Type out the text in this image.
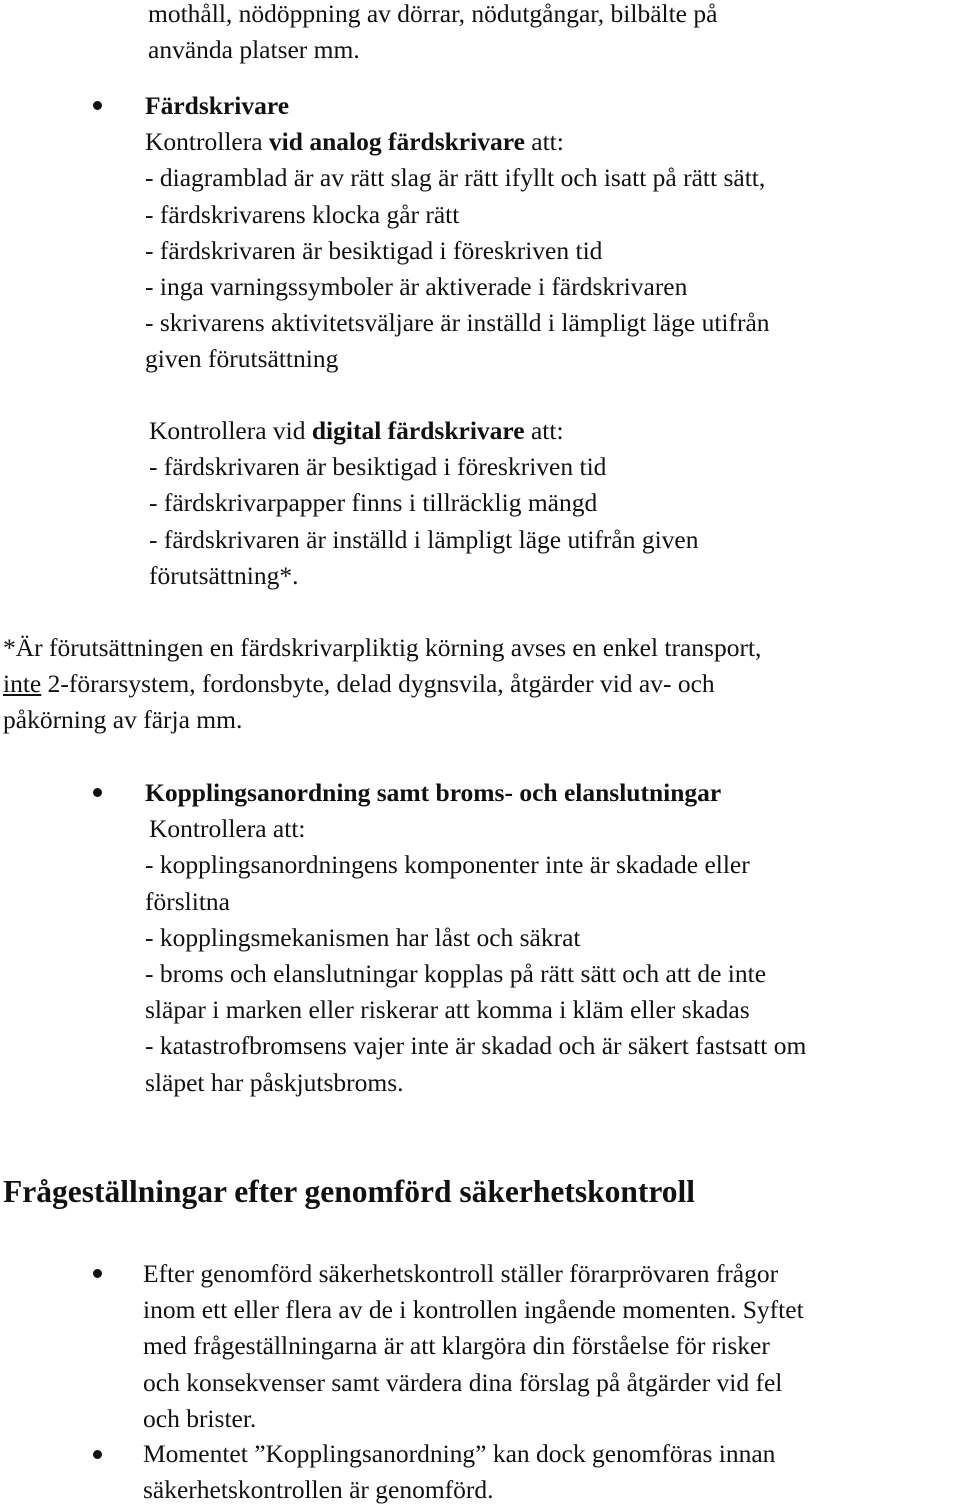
mothåll, nödöppning av dörrar, nödutgångar, bilbälte på
använda platser mm.
Färdskrivare
Kontrollera vid analog färdskrivare att:
- diagramblad är av rätt slag är rätt ifyllt och isatt på rätt sätt,
- färdskrivarens klocka går rätt
- färdskrivaren är besiktigad i föreskriven tid
- inga varningssymboler är aktiverade i färdskrivaren
- skrivarens aktivitetsväljare är inställd i lämpligt läge utifrån
given förutsättning
Kontrollera vid digital färdskrivare att:
- färdskrivaren är besiktigad i föreskriven tid
- färdskrivarpapper finns i tillräcklig mängd
- färdskrivaren är inställd i lämpligt läge utifrån given
förutsättning*.
*Är förutsättningen en färdskrivarpliktig körning avses en enkel transport,
inte 2-förarsystem, fordonsbyte, delad dygnsvila, åtgärder vid av- och
påkörning av färja mm.
Kopplingsanordning samt broms- och elanslutningar
Kontrollera att:
- kopplingsanordningens komponenter inte är skadade eller
förslitna
- kopplingsmekanismen har låst och säkrat
- broms och elanslutningar kopplas på rätt sätt och att de inte
släpar i marken eller riskerar att komma i kläm eller skadas
- katastrofbromsens vajer inte är skadad och är säkert fastsatt om
släpet har påskjutsbroms.
Frågeställningar efter genomförd säkerhetskontroll
Efter genomförd säkerhetskontroll ställer förarprövaren frågor
inom ett eller flera av de i kontrollen ingående momenten. Syftet
med frågeställningarna är att klargöra din förståelse för risker
och konsekvenser samt värdera dina förslag på åtgärder vid fel
och brister.
Momentet ”Kopplingsanordning” kan dock genomföras innan
säkerhetskontrollen är genomförd.
